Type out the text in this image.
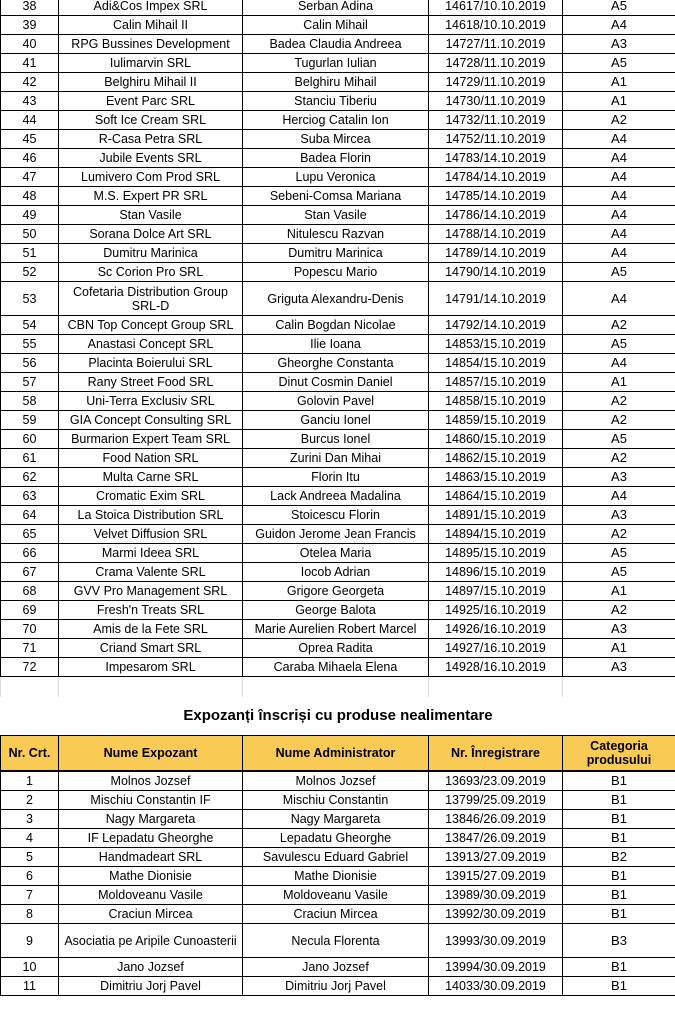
38	Adi&Cos Impex SRL	Serban Adina	14617/10.10.2019	A5
39	Calin Mihail II	Calin Mihail	14618/10.10.2019	A4
40	RPG Bussines Development	Badea Claudia Andreea	14727/11.10.2019	A3
41	Iulimarvin SRL	Tugurlan Iulian	14728/11.10.2019	A5
42	Belghiru Mihail II	Belghiru Mihail	14729/11.10.2019	A1
43	Event Parc SRL	Stanciu Tiberiu	14730/11.10.2019	A1
44	Soft Ice Cream SRL	Herciog Catalin Ion	14732/11.10.2019	A2
45	R-Casa Petra SRL	Suba Mircea	14752/11.10.2019	A4
46	Jubile Events SRL	Badea Florin	14783/14.10.2019	A4
47	Lumivero Com Prod SRL	Lupu Veronica	14784/14.10.2019	A4
48	M.S. Expert PR SRL	Sebeni-Comsa Mariana	14785/14.10.2019	A4
49	Stan Vasile	Stan Vasile	14786/14.10.2019	A4
50	Sorana Dolce Art SRL	Nitulescu Razvan	14788/14.10.2019	A4
51	Dumitru Marinica	Dumitru Marinica	14789/14.10.2019	A4
52	Sc Corion Pro SRL	Popescu Mario	14790/14.10.2019	A5
53	Cofetaria Distribution Group SRL-D	Griguta Alexandru-Denis	14791/14.10.2019	A4
54	CBN Top Concept Group SRL	Calin Bogdan Nicolae	14792/14.10.2019	A2
55	Anastasi Concept SRL	Ilie Ioana	14853/15.10.2019	A5
56	Placinta Boierului SRL	Gheorghe Constanta	14854/15.10.2019	A4
57	Rany Street Food SRL	Dinut Cosmin Daniel	14857/15.10.2019	A1
58	Uni-Terra Exclusiv SRL	Golovin Pavel	14858/15.10.2019	A2
59	GIA Concept Consulting SRL	Ganciu Ionel	14859/15.10.2019	A2
60	Burmarion Expert Team SRL	Burcus Ionel	14860/15.10.2019	A5
61	Food Nation SRL	Zurini Dan Mihai	14862/15.10.2019	A2
62	Multa Carne SRL	Florin Itu	14863/15.10.2019	A3
63	Cromatic Exim SRL	Lack Andreea Madalina	14864/15.10.2019	A4
64	La Stoica Distribution SRL	Stoicescu Florin	14891/15.10.2019	A3
65	Velvet Diffusion SRL	Guidon Jerome Jean Francis	14894/15.10.2019	A2
66	Marmi Ideea SRL	Otelea Maria	14895/15.10.2019	A5
67	Crama Valente SRL	Iocob Adrian	14896/15.10.2019	A5
68	GVV Pro Management SRL	Grigore Georgeta	14897/15.10.2019	A1
69	Fresh'n Treats SRL	George Balota	14925/16.10.2019	A2
70	Amis de la Fete SRL	Marie Aurelien Robert Marcel	14926/16.10.2019	A3
71	Criand Smart SRL	Oprea Radita	14927/16.10.2019	A1
72	Impesarom SRL	Caraba Mihaela Elena	14928/16.10.2019	A3

Expozanți înscriși cu produse nealimentare				
Nr. Crt.	Nume Expozant	Nume Administrator	Nr. Înregistrare	Categoria produsului
1	Molnos Jozsef	Molnos Jozsef	13693/23.09.2019	B1
2	Mischiu Constantin IF	Mischiu Constantin	13799/25.09.2019	B1
3	Nagy Margareta	Nagy Margareta	13846/26.09.2019	B1
4	IF Lepadatu Gheorghe	Lepadatu Gheorghe	13847/26.09.2019	B1
5	Handmadeart SRL	Savulescu Eduard Gabriel	13913/27.09.2019	B2
6	Mathe Dionisie	Mathe Dionisie	13915/27.09.2019	B1
7	Moldoveanu Vasile	Moldoveanu Vasile	13989/30.09.2019	B1
8	Craciun Mircea	Craciun Mircea	13992/30.09.2019	B1
9	Asociatia pe Aripile Cunoasterii	Necula Florenta	13993/30.09.2019	B3
10	Jano Jozsef	Jano Jozsef	13994/30.09.2019	B1
11	Dimitriu Jorj Pavel	Dimitriu Jorj Pavel	14033/30.09.2019	B1
